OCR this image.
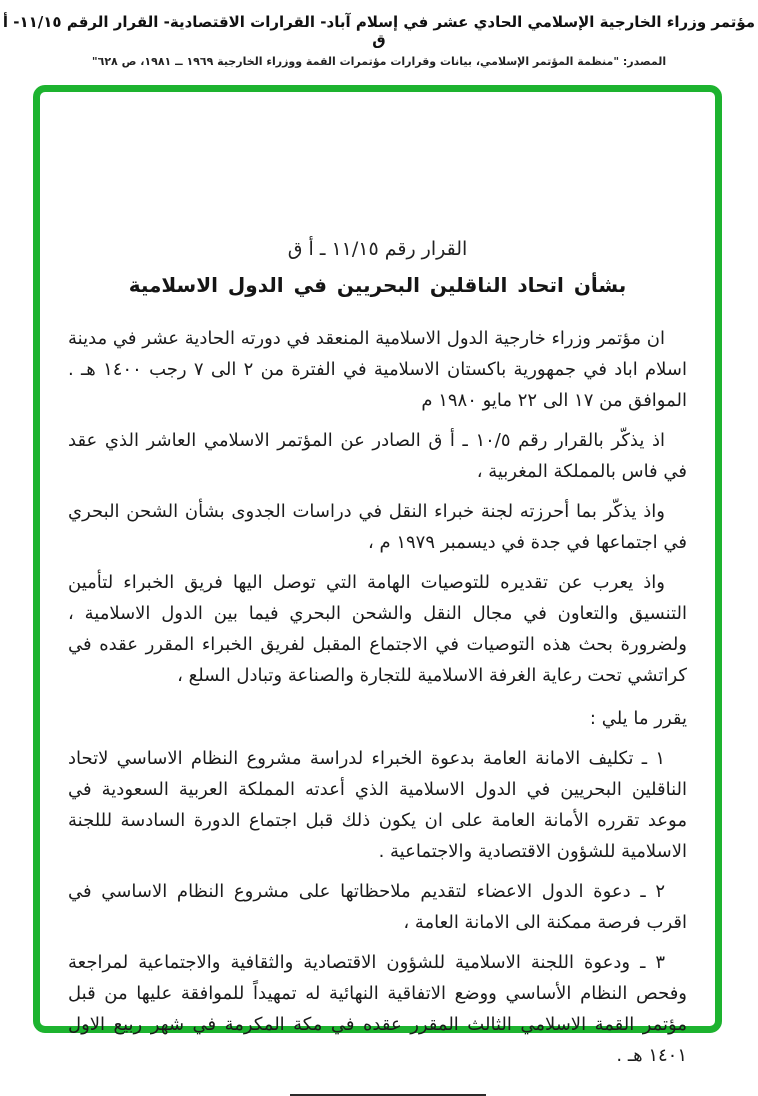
مؤتمر وزراء الخارجية الإسلامي الحادي عشر في إسلام آباد- القرارات الاقتصادية- القرار الرقم ١١/١٥- أ ق
المصدر: "منظمة المؤتمر الإسلامي، بيانات وقرارات مؤتمرات القمة ووزراء الخارجية ١٩٦٩ ــ ١٩٨١، ص ٦٢٨"
القرار رقم ١١/١٥ ـ أ ق
بشأن اتحاد الناقلين البحريين في الدول الاسلامية

ان مؤتمر وزراء خارجية الدول الاسلامية المنعقد في دورته الحادية عشر في مدينة اسلام اباد في جمهورية باكستان الاسلامية في الفترة من ٢ الى ٧ رجب ١٤٠٠ هـ . الموافق من ١٧ الى ٢٢ مايو ١٩٨٠ م

اذ يذكّر بالقرار رقم ١٠/٥ ـ أ ق الصادر عن المؤتمر الاسلامي العاشر الذي عقد في فاس بالمملكة المغربية ،

واذ يذكّر بما أحرزته لجنة خبراء النقل في دراسات الجدوى بشأن الشحن البحري في اجتماعها في جدة في ديسمبر ١٩٧٩ م ،

واذ يعرب عن تقديره للتوصيات الهامة التي توصل اليها فريق الخبراء لتأمين التنسيق والتعاون في مجال النقل والشحن البحري فيما بين الدول الاسلامية ، ولضرورة بحث هذه التوصيات في الاجتماع المقبل لفريق الخبراء المقرر عقده في كراتشي تحت رعاية الغرفة الاسلامية للتجارة والصناعة وتبادل السلع ،

يقرر ما يلي :

١ ـ تكليف الامانة العامة بدعوة الخبراء لدراسة مشروع النظام الاساسي لاتحاد الناقلين البحريين في الدول الاسلامية الذي أعدته المملكة العربية السعودية في موعد تقرره الأمانة العامة على ان يكون ذلك قبل اجتماع الدورة السادسة لللجنة الاسلامية للشؤون الاقتصادية والاجتماعية .

٢ ـ دعوة الدول الاعضاء لتقديم ملاحظاتها على مشروع النظام الاساسي في اقرب فرصة ممكنة الى الامانة العامة ،

٣ ـ ودعوة اللجنة الاسلامية للشؤون الاقتصادية والثقافية والاجتماعية لمراجعة وفحص النظام الأساسي ووضع الاتفاقية النهائية له تمهيداً للموافقة عليها من قبل مؤتمر القمة الاسلامي الثالث المقرر عقده في مكة المكرمة في شهر ربيع الاول ١٤٠١ هـ .
